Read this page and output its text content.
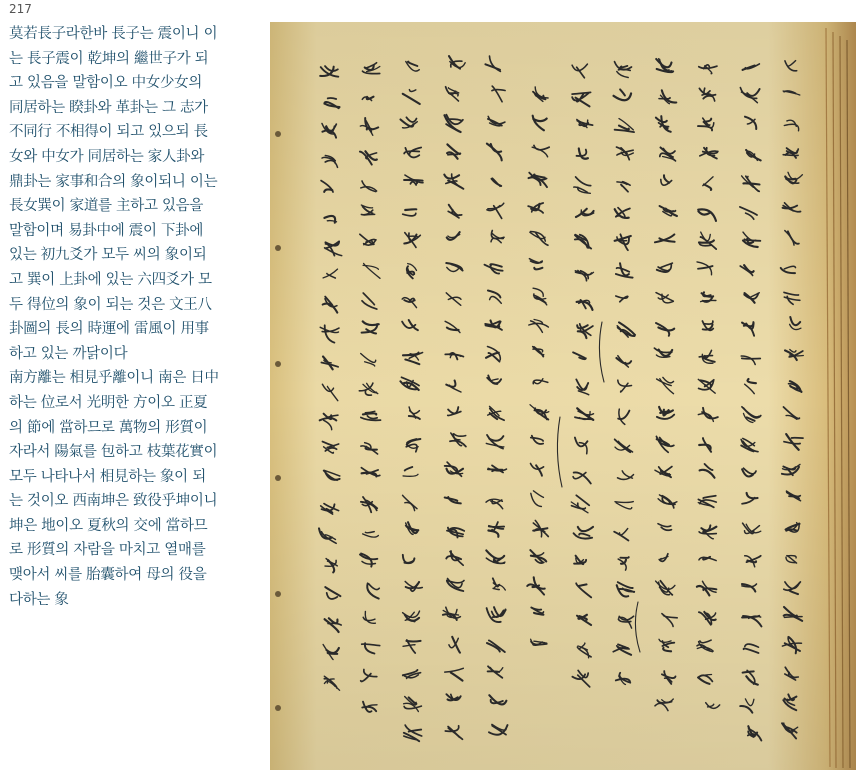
217
莫若長子라한바 長子는 震이니 이
는 長子震이 乾坤의 繼世子가 되
고 있음을 말함이오 中女少女의
同居하는 睽卦와 革卦는 그 志가
不同行 不相得이 되고 있으되 長
女와 中女가 同居하는 家人卦와
鼎卦는 家事和合의 象이되니 이는
長女巽이 家道를 主하고 있음을
말함이며 易卦中에 震이 下卦에
있는 初九爻가 모두 씨의 象이되
고 巽이 上卦에 있는 六四爻가 모
두 得位의 象이 되는 것은 文王八
卦圖의 長의 時運에 雷風이 用事
하고 있는 까닭이다
南方離는 相見乎離이니 南은 日中
하는 位로서 光明한 方이오 正夏
의 節에 當하므로 萬物의 形質이
자라서 陽氣를 包하고 枝葉花實이
모두 나타나서 相見하는 象이 되
는 것이오 西南坤은 致役乎坤이니
坤은 地이오 夏秋의 交에 當하므
로 形質의 자람을 마치고 열매를
맺아서 씨를 胎囊하여 母의 役을
다하는 象
